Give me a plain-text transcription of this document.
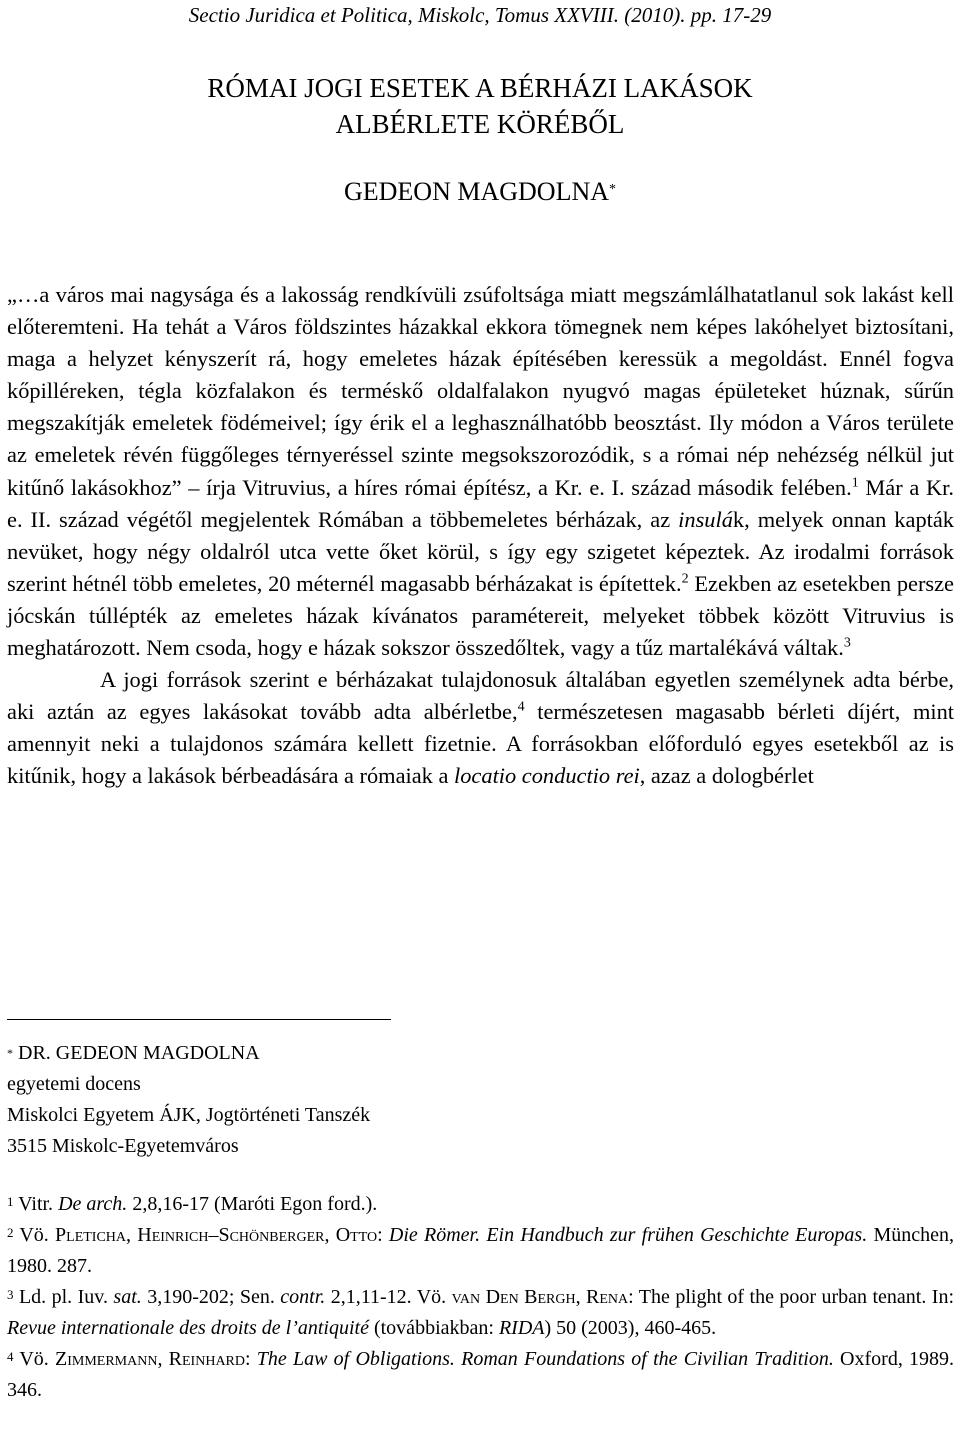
Sectio Juridica et Politica, Miskolc, Tomus XXVIII. (2010). pp. 17-29
RÓMAI JOGI ESETEK A BÉRHÁZI LAKÁSOK
ALBÉRLETE KÖRÉBŐL
GEDEON MAGDOLNA*

„…a város mai nagysága és a lakosság rendkívüli zsúfoltsága miatt megszámlálhatatlanul sok lakást kell előteremteni. Ha tehát a Város földszintes házakkal ekkora tömegnek nem képes lakóhelyet biztosítani, maga a helyzet kényszerít rá, hogy emeletes házak építésében keressük a megoldást. Ennél fogva kőpilléreken, tégla közfalakon és terméskő oldalfalakon nyugvó magas épületeket húznak, sűrűn megszakítják emeletek födémeivel; így érik el a leghasználhatóbb beosztást. Ily módon a Város területe az emeletek révén függőleges térnyeréssel szinte megsokszorozódik, s a római nép nehézség nélkül jut kitűnő lakásokhoz” – írja Vitruvius, a híres római építész, a Kr. e. I. század második felében.$^1$ Már a Kr. e. II. század végétől megjelentek Rómában a többemeletes bérházak, az insulák, melyek onnan kapták nevüket, hogy négy oldalról utca vette őket körül, s így egy szigetet képeztek. Az irodalmi források szerint hétnél több emeletes, 20 méternél magasabb bérházakat is építettek.$^2$ Ezekben az esetekben persze jócskán túllépték az emeletes házak kívánatos paramétereit, melyeket többek között Vitruvius is meghatározott. Nem csoda, hogy e házak sokszor összedőltek, vagy a tűz martalékává váltak.$^3$

A jogi források szerint e bérházakat tulajdonosuk általában egyetlen személynek adta bérbe, aki aztán az egyes lakásokat tovább adta albérletbe,$^4$ természetesen magasabb bérleti díjért, mint amennyit neki a tulajdonos számára kellett fizetnie. A forrásokban előforduló egyes esetekből az is kitűnik, hogy a lakások bérbeadására a rómaiak a locatio conductio rei, azaz a dologbérlet

* DR. GEDEON MAGDOLNA
egyetemi docens
Miskolci Egyetem ÁJK, Jogtörténeti Tanszék
3515 Miskolc-Egyetemváros

$^1$ Vitr. De arch. 2,8,16-17 (Maróti Egon ford.).

$^2$ Vö. Pleticha, Heinrich–Schönberger, Otto: Die Römer. Ein Handbuch zur frühen Geschichte Europas. München, 1980. 287.

$^3$ Ld. pl. Iuv. sat. 3,190-202; Sen. contr. 2,1,11-12. Vö. van Den Bergh, Rena: The plight of the poor urban tenant. In: Revue internationale des droits de l’antiquité (továbbiakban: RIDA) 50 (2003), 460-465.

$^4$ Vö. Zimmermann, Reinhard: The Law of Obligations. Roman Foundations of the Civilian Tradition. Oxford, 1989. 346.
